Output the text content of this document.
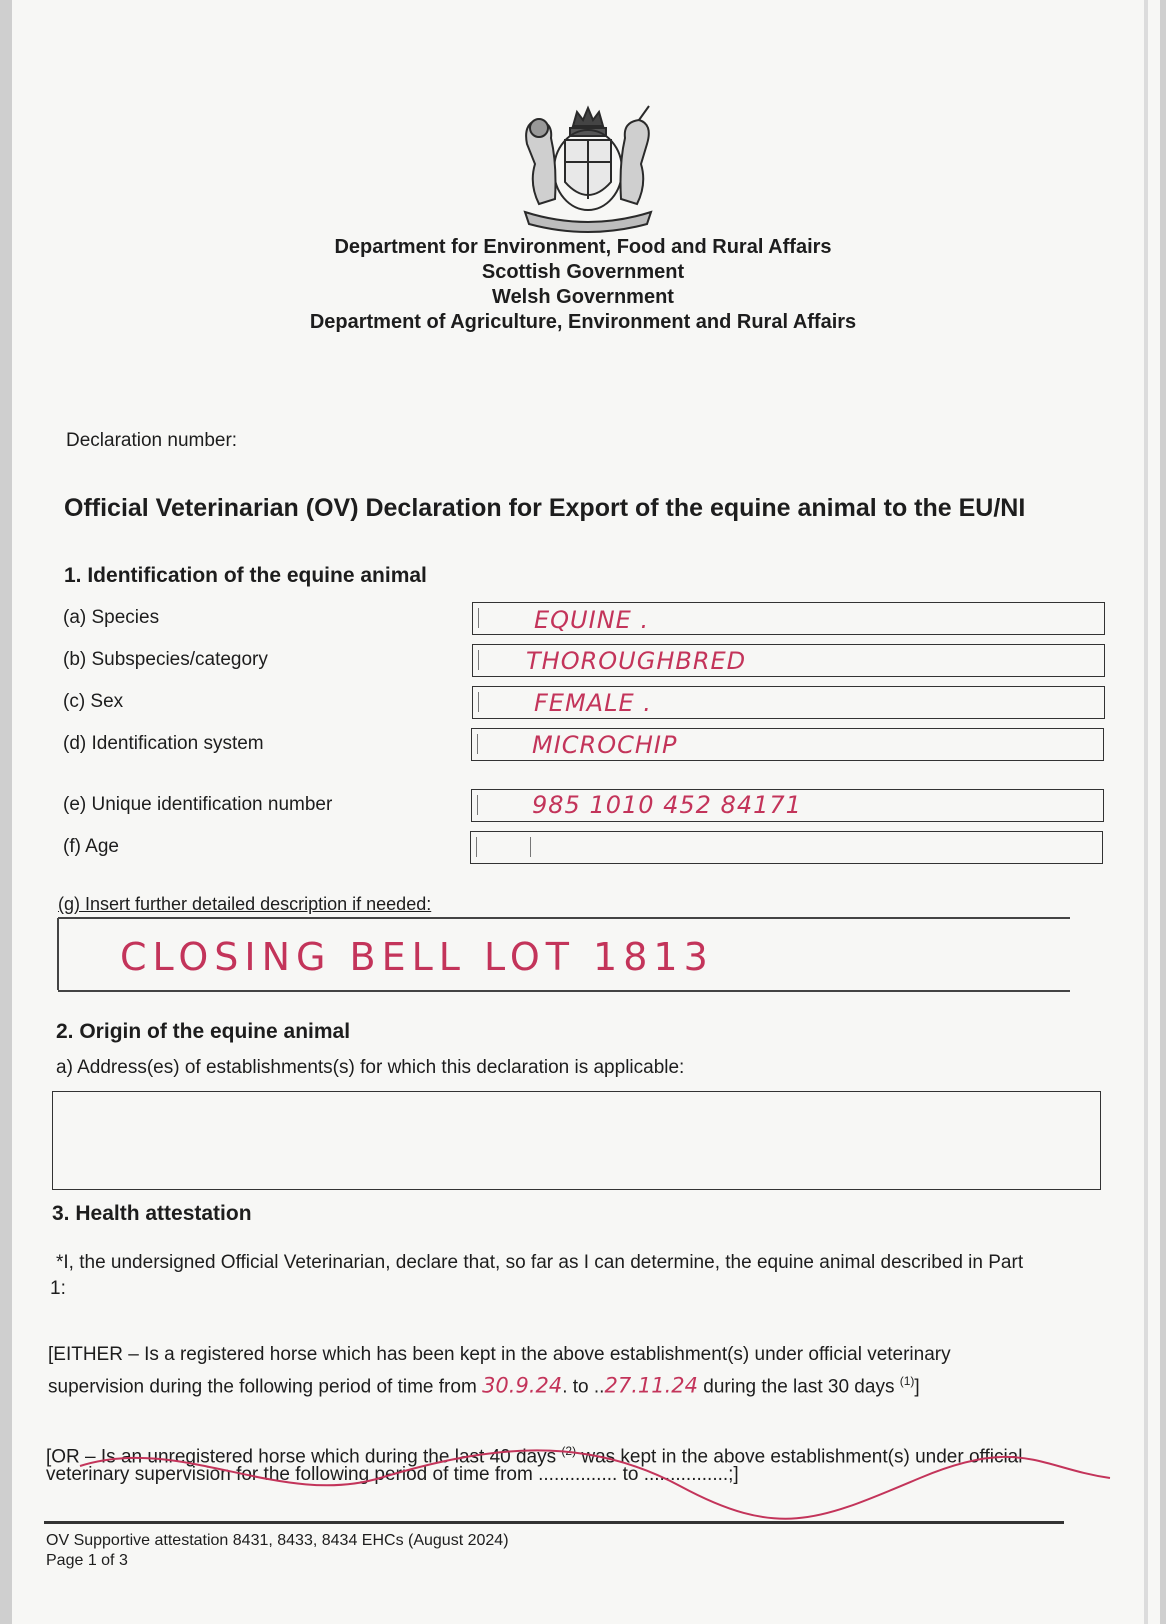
Department for Environment, Food and Rural Affairs
Scottish Government
Welsh Government
Department of Agriculture, Environment and Rural Affairs
Declaration number:
Official Veterinarian (OV) Declaration for Export of the equine animal to the EU/NI
1. Identification of the equine animal
(a) Species	EQUINE .
(b) Subspecies/category	THOROUGHBRED
(c) Sex	FEMALE .
(d) Identification system	MICROCHIP
(e) Unique identification number	985 1010 452 84171
(f) Age
(g) Insert further detailed description if needed:
CLOSING BELL LOT 1813
2. Origin of the equine animal
a) Address(es) of establishments(s) for which this declaration is applicable:
3. Health attestation
*I, the undersigned Official Veterinarian, declare that, so far as I can determine, the equine animal described in Part
1:
[EITHER – Is a registered horse which has been kept in the above establishment(s) under official veterinary
supervision during the following period of time from 30.9.24. to ..27.11.24 during the last 30 days $^{(1)}$]
[OR – Is an unregistered horse which during the last 40 days $^{(2)}$ was kept in the above establishment(s) under official
veterinary supervision for the following period of time from ............... to ................;]
OV Supportive attestation 8431, 8433, 8434 EHCs (August 2024)
Page 1 of 3
